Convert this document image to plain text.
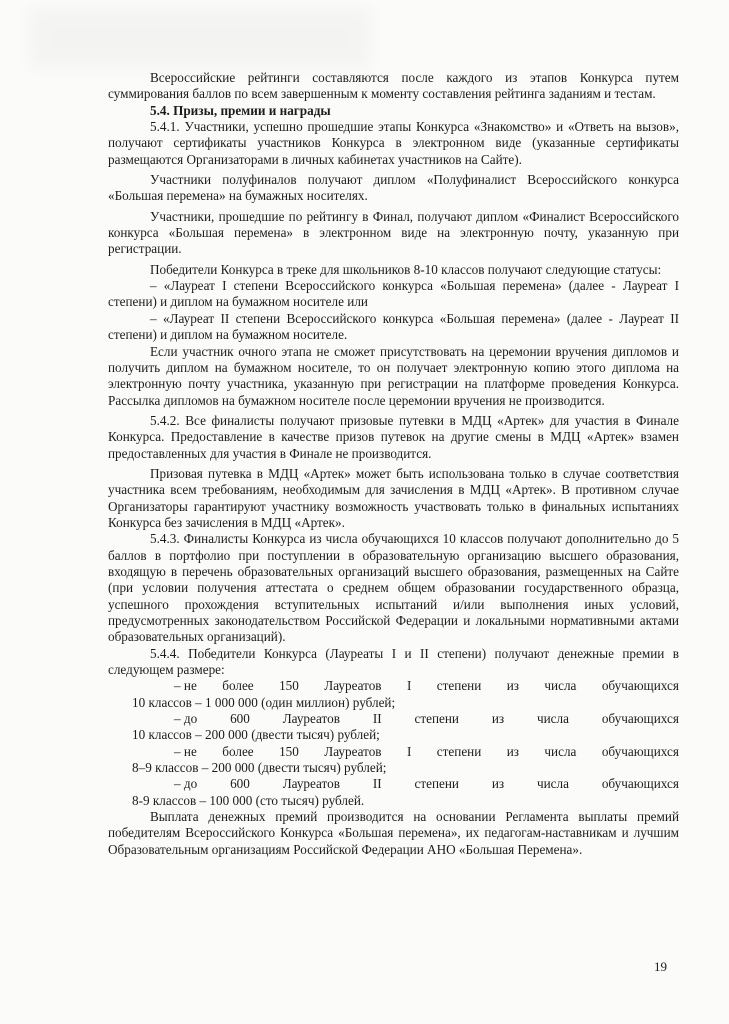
Всероссийские рейтинги составляются после каждого из этапов Конкурса путем суммирования баллов по всем завершенным к моменту составления рейтинга заданиям и тестам.

5.4. Призы, премии и награды

5.4.1. Участники, успешно прошедшие этапы Конкурса «Знакомство» и «Ответь на вызов», получают сертификаты участников Конкурса в электронном виде (указанные сертификаты размещаются Организаторами в личных кабинетах участников на Сайте).

Участники полуфиналов получают диплом «Полуфиналист Всероссийского конкурса «Большая перемена» на бумажных носителях.

Участники, прошедшие по рейтингу в Финал, получают диплом «Финалист Всероссийского конкурса «Большая перемена» в электронном виде на электронную почту, указанную при регистрации.

Победители Конкурса в треке для школьников 8-10 классов получают следующие статусы:

– «Лауреат I степени Всероссийского конкурса «Большая перемена» (далее - Лауреат I степени) и диплом на бумажном носителе или

– «Лауреат II степени Всероссийского конкурса «Большая перемена» (далее - Лауреат II степени) и диплом на бумажном носителе.

Если участник очного этапа не сможет присутствовать на церемонии вручения дипломов и получить диплом на бумажном носителе, то он получает электронную копию этого диплома на электронную почту участника, указанную при регистрации на платформе проведения Конкурса. Рассылка дипломов на бумажном носителе после церемонии вручения не производится.

5.4.2. Все финалисты получают призовые путевки в МДЦ «Артек» для участия в Финале Конкурса. Предоставление в качестве призов путевок на другие смены в МДЦ «Артек» взамен предоставленных для участия в Финале не производится.

Призовая путевка в МДЦ «Артек» может быть использована только в случае соответствия участника всем требованиям, необходимым для зачисления в МДЦ «Артек». В противном случае Организаторы гарантируют участнику возможность участвовать только в финальных испытаниях Конкурса без зачисления в МДЦ «Артек».

5.4.3. Финалисты Конкурса из числа обучающихся 10 классов получают дополнительно до 5 баллов в портфолио при поступлении в образовательную организацию высшего образования, входящую в перечень образовательных организаций высшего образования, размещенных на Сайте (при условии получения аттестата о среднем общем образовании государственного образца, успешного прохождения вступительных испытаний и/или выполнения иных условий, предусмотренных законодательством Российской Федерации и локальными нормативными актами образовательных организаций).

5.4.4. Победители Конкурса (Лауреаты I и II степени) получают денежные премии в следующем размере:

– не более 150 Лауреатов I степени из числа обучающихся
10 классов – 1 000 000 (один миллион) рублей;
– до 600 Лауреатов II степени из числа обучающихся
10 классов – 200 000 (двести тысяч) рублей;
– не более 150 Лауреатов I степени из числа обучающихся
8–9 классов – 200 000 (двести тысяч) рублей;
– до 600 Лауреатов II степени из числа обучающихся
8-9 классов – 100 000 (сто тысяч) рублей.

Выплата денежных премий производится на основании Регламента выплаты премий победителям Всероссийского Конкурса «Большая перемена», их педагогам-наставникам и лучшим Образовательным организациям Российской Федерации АНО «Большая Перемена».

19
